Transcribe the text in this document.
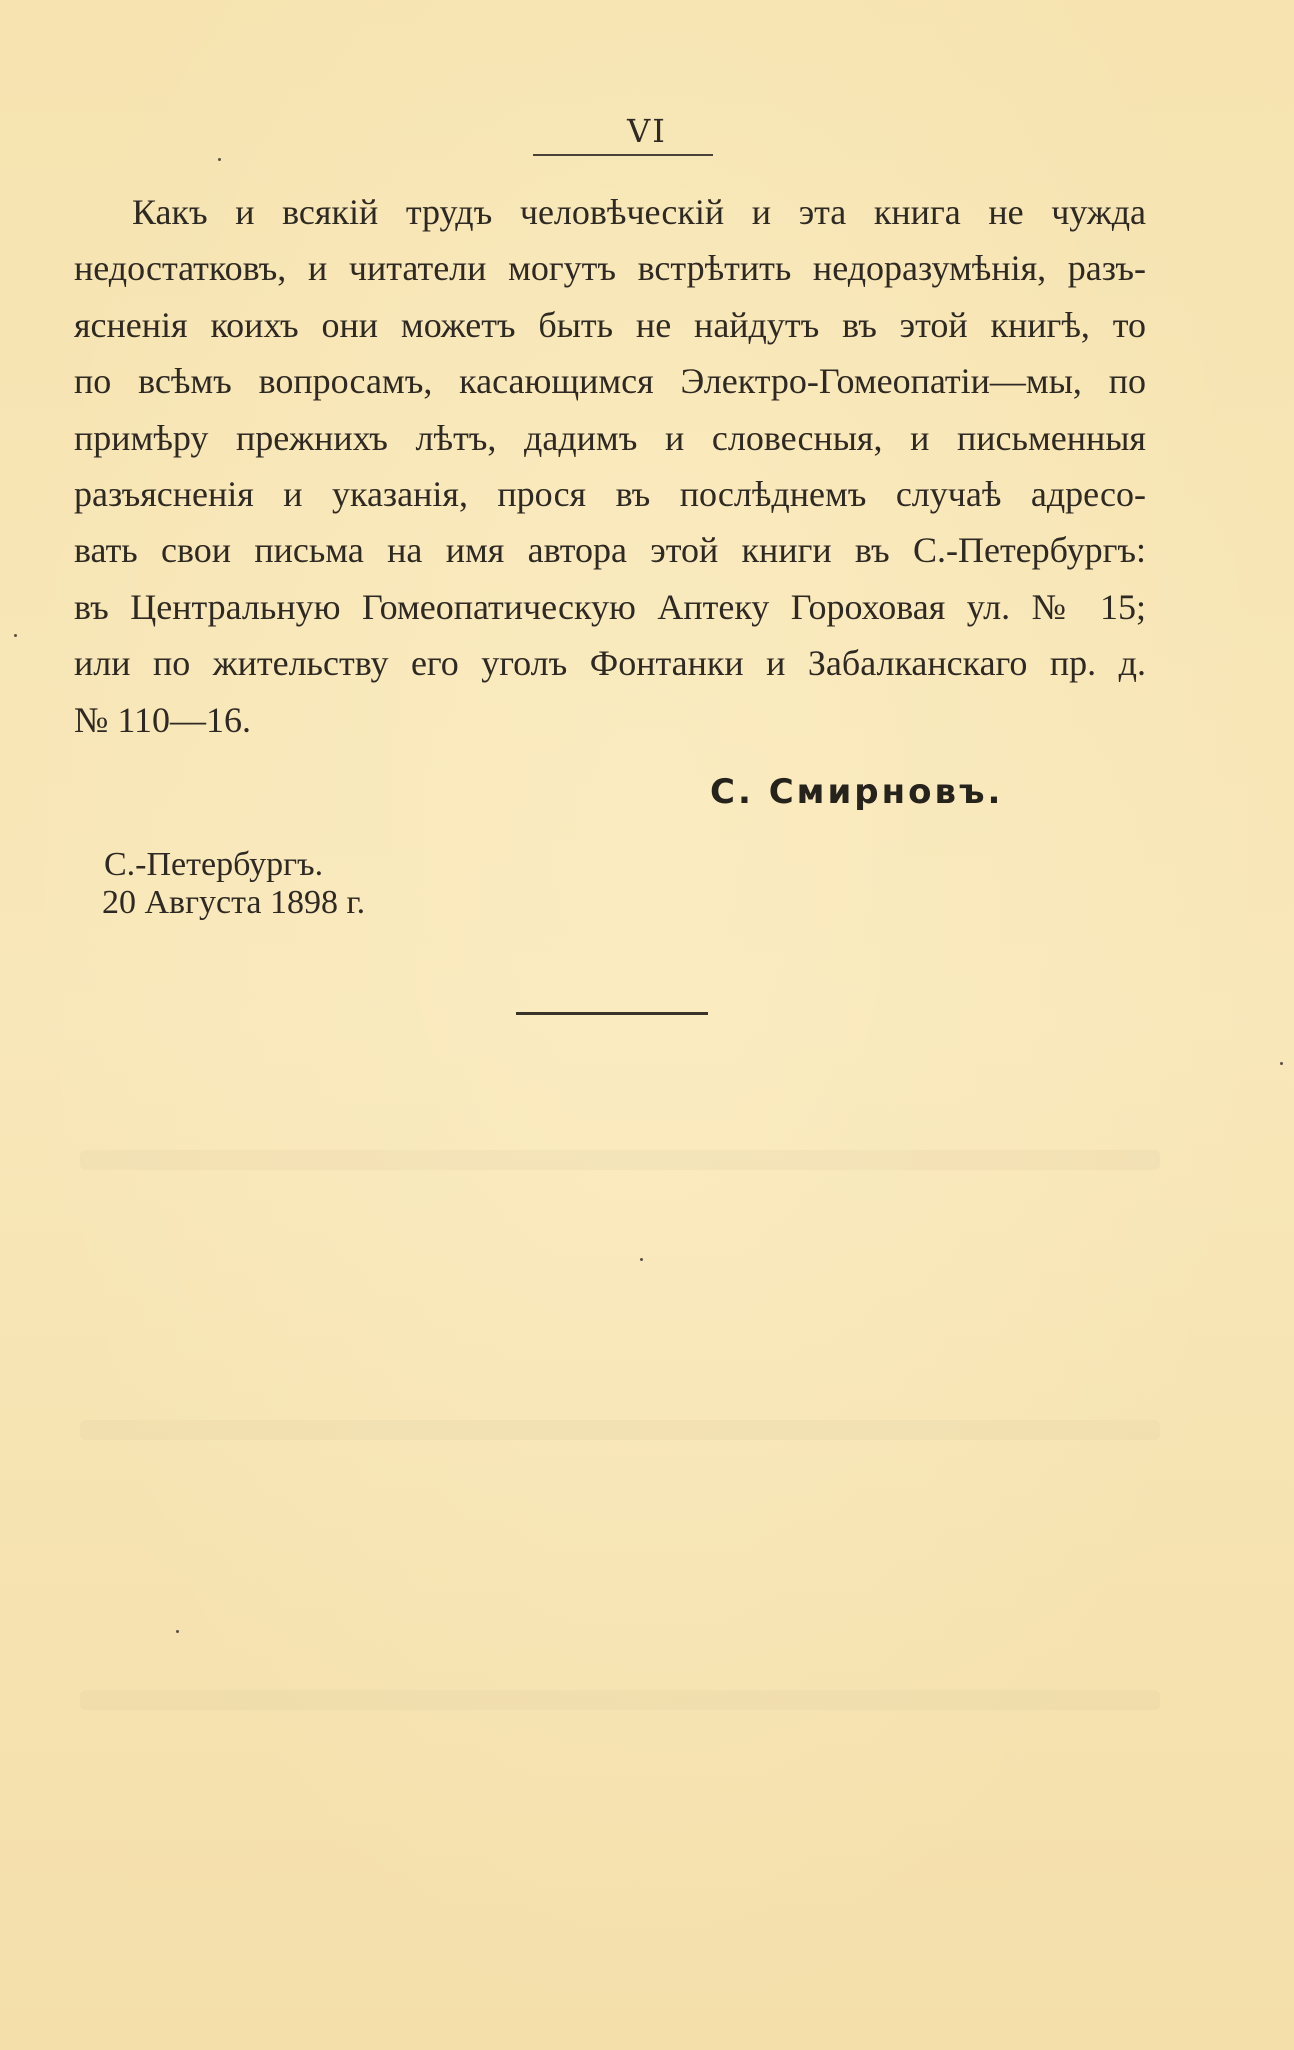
VI
Какъ и всякій трудъ человѣческій и эта книга не чужда
недостатковъ, и читатели могутъ встрѣтить недоразумѣнія, разъ-
ясненія коихъ они можетъ быть не найдутъ въ этой книгѣ, то
по всѣмъ вопросамъ, касающимся Электро-Гомеопатіи—мы, по
примѣру прежнихъ лѣтъ, дадимъ и словесныя, и письменныя
разъясненія и указанія, прося въ послѣднемъ случаѣ адресо-
вать свои письма на имя автора этой книги въ С.-Петербургъ:
въ Центральную Гомеопатическую Аптеку Гороховая ул. № 15;
или по жительству его уголъ Фонтанки и Забалканскаго пр. д.
№ 110—16.
С. Смирновъ.
С.-Петербургъ.
20 Августа 1898 г.
